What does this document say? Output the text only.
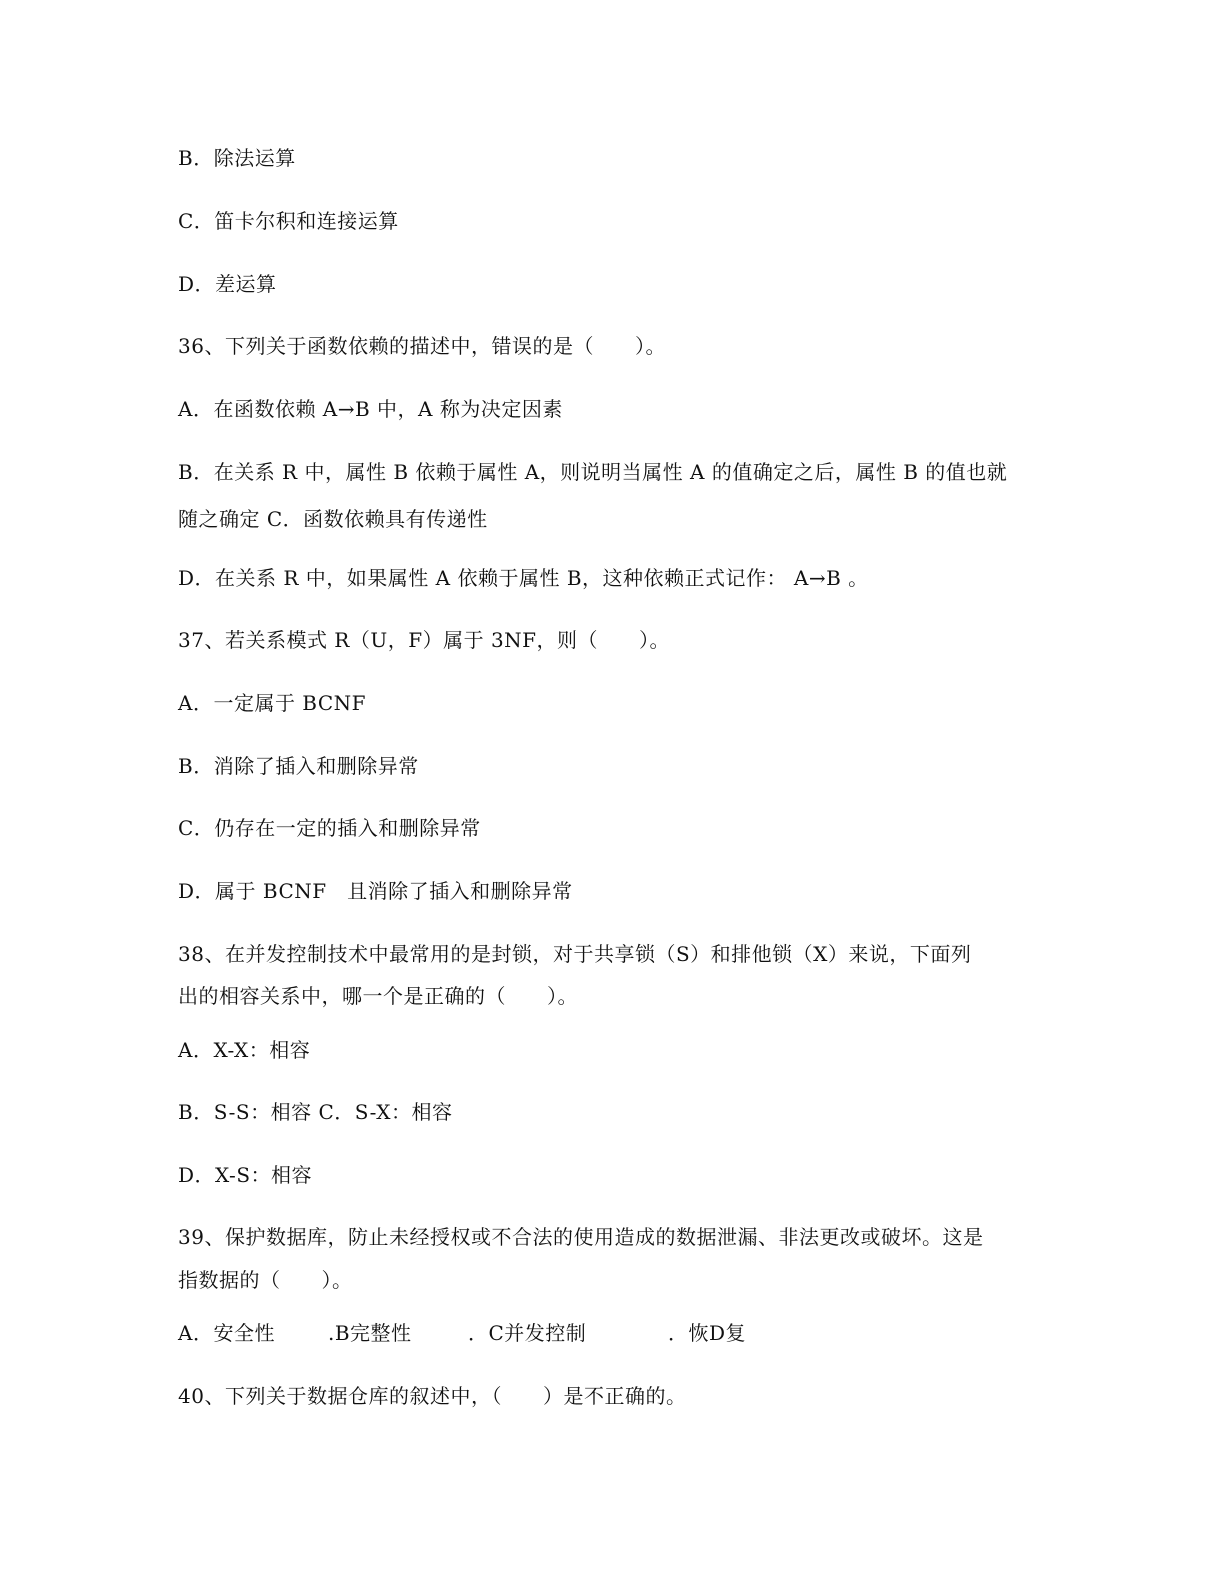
B．除法运算
C．笛卡尔积和连接运算
D．差运算
36、下列关于函数依赖的描述中，错误的是（　　）。
A．在函数依赖 A→B 中，A 称为决定因素
B．在关系 R 中，属性 B 依赖于属性 A，则说明当属性 A 的值确定之后，属性 B 的值也就
随之确定 C．函数依赖具有传递性
D．在关系 R 中，如果属性 A 依赖于属性 B，这种依赖正式记作： A→B 。
37、若关系模式 R（U，F）属于 3NF，则（　　）。
A．一定属于 BCNF
B．消除了插入和删除异常
C．仍存在一定的插入和删除异常
D．属于 BCNF　且消除了插入和删除异常
38、在并发控制技术中最常用的是封锁，对于共享锁（S）和排他锁（X）来说，下面列
出的相容关系中，哪一个是正确的（　　）。
A．X-X：相容
B．S-S：相容 C．S-X：相容
D．X-S：相容
39、保护数据库，防止未经授权或不合法的使用造成的数据泄漏、非法更改或破坏。这是
指数据的（　　）。
A．安全性	.B完整性	．C并发控制	．恢D复
40、下列关于数据仓库的叙述中，（　　）是不正确的。
